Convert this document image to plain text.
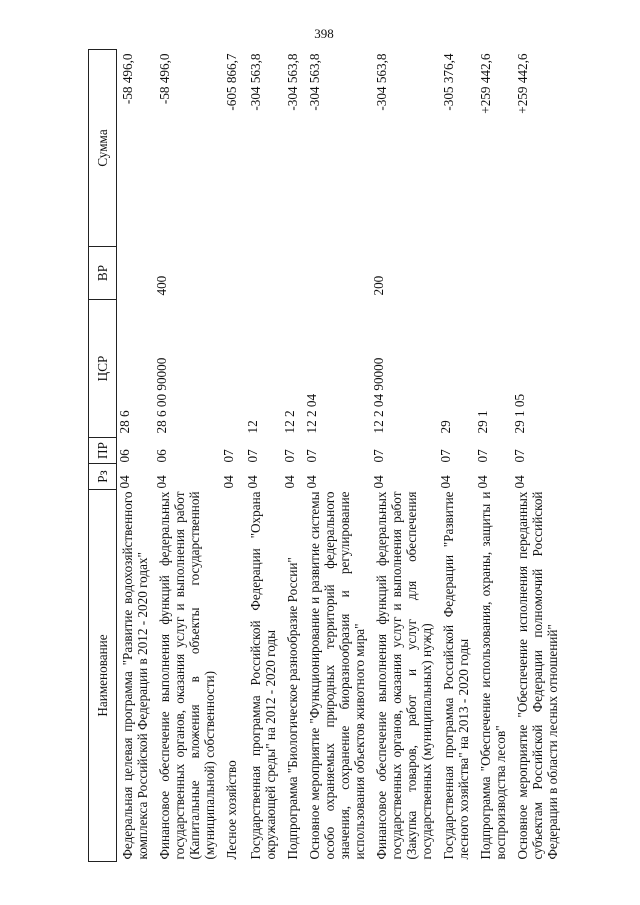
398
Наименование	Рз	ПР	ЦСР	ВР	Сумма
Федеральная целевая программа "Развитие водохозяйственного комплекса Российской Федерации в 2012 - 2020 годах"	04	06	28 6		-58 496,0
Финансовое обеспечение выполнения функций федеральных государственных органов, оказания услуг и выполнения работ (Капитальные вложения в объекты государственной (муниципальной) собственности)	04	06	28 6 00 90000	400	-58 496,0
Лесное хозяйство	04	07			-605 866,7
Государственная программа Российской Федерации "Охрана окружающей среды" на 2012 - 2020 годы	04	07	12		-304 563,8
Подпрограмма "Биологическое разнообразие России"	04	07	12 2		-304 563,8
Основное мероприятие "Функционирование и развитие системы особо охраняемых природных территорий федерального значения, сохранение биоразнообразия и регулирование использования объектов животного мира"	04	07	12 2 04		-304 563,8
Финансовое обеспечение выполнения функций федеральных государственных органов, оказания услуг и выполнения работ (Закупка товаров, работ и услуг для обеспечения государственных (муниципальных) нужд)	04	07	12 2 04 90000	200	-304 563,8
Государственная программа Российской Федерации "Развитие лесного хозяйства" на 2013 - 2020 годы	04	07	29		-305 376,4
Подпрограмма "Обеспечение использования, охраны, защиты и воспроизводства лесов"	04	07	29 1		+259 442,6
Основное мероприятие "Обеспечение исполнения переданных субъектам Российской Федерации полномочий Российской Федерации в области лесных отношений"	04	07	29 1 05		+259 442,6
